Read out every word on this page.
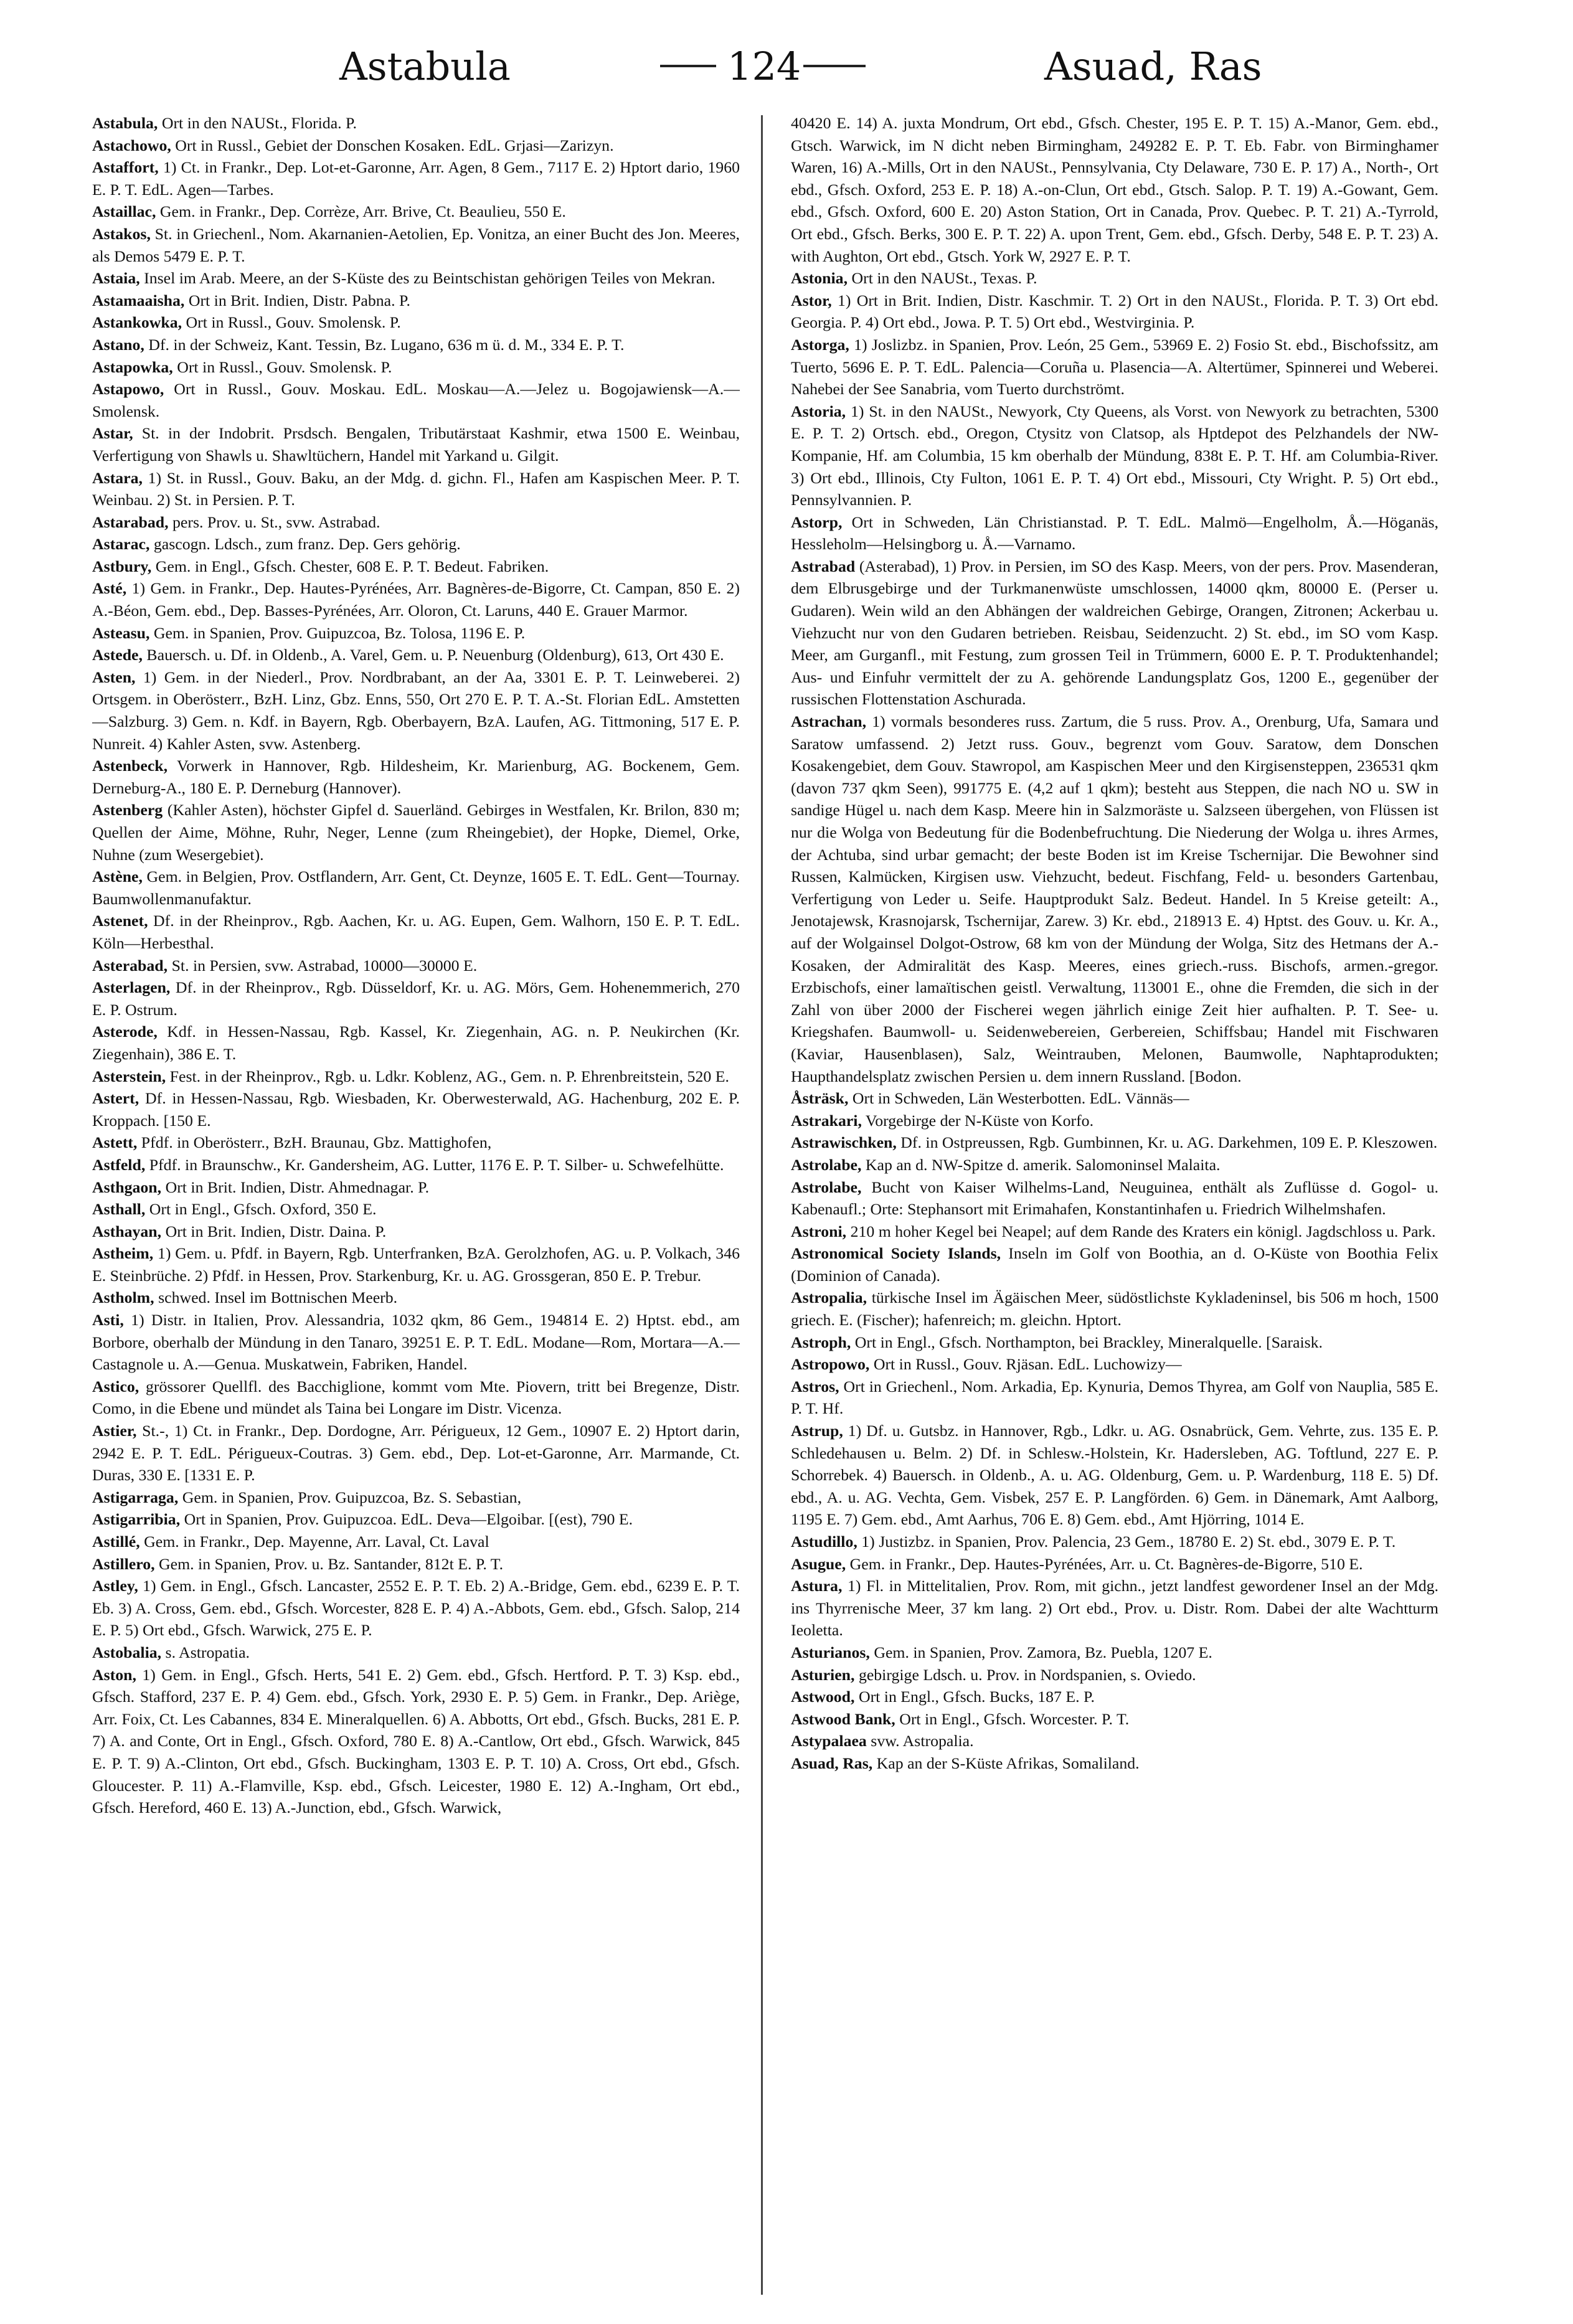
Astabula	124	Asuad, Ras

Astabula, Ort in den NAUSt., Florida. P.

Astachowo, Ort in Russl., Gebiet der Donschen Kosaken. EdL. Grjasi—Zarizyn.

Astaffort, 1) Ct. in Frankr., Dep. Lot-et-Garonne, Arr. Agen, 8 Gem., 7117 E. 2) Hptort dario, 1960 E. P. T. EdL. Agen—Tarbes.

Astaillac, Gem. in Frankr., Dep. Corrèze, Arr. Brive, Ct. Beaulieu, 550 E.

Astakos, St. in Griechenl., Nom. Akarnanien-Aetolien, Ep. Vonitza, an einer Bucht des Jon. Meeres, als Demos 5479 E. P. T.

Astaia, Insel im Arab. Meere, an der S-Küste des zu Beintschistan gehörigen Teiles von Mekran.

Astamaaisha, Ort in Brit. Indien, Distr. Pabna. P.

Astankowka, Ort in Russl., Gouv. Smolensk. P.

Astano, Df. in der Schweiz, Kant. Tessin, Bz. Lugano, 636 m ü. d. M., 334 E. P. T.

Astapowka, Ort in Russl., Gouv. Smolensk. P.

Astapowo, Ort in Russl., Gouv. Moskau. EdL. Moskau—A.—Jelez u. Bogojawiensk—A.—Smolensk.

Astar, St. in der Indobrit. Prsdsch. Bengalen, Tributärstaat Kashmir, etwa 1500 E. Weinbau, Verfertigung von Shawls u. Shawltüchern, Handel mit Yarkand u. Gilgit.

Astara, 1) St. in Russl., Gouv. Baku, an der Mdg. d. gichn. Fl., Hafen am Kaspischen Meer. P. T. Weinbau. 2) St. in Persien. P. T.

Astarabad, pers. Prov. u. St., svw. Astrabad.

Astarac, gascogn. Ldsch., zum franz. Dep. Gers gehörig.

Astbury, Gem. in Engl., Gfsch. Chester, 608 E. P. T. Bedeut. Fabriken.

Asté, 1) Gem. in Frankr., Dep. Hautes-Pyrénées, Arr. Bagnères-de-Bigorre, Ct. Campan, 850 E. 2) A.-Béon, Gem. ebd., Dep. Basses-Pyrénées, Arr. Oloron, Ct. Laruns, 440 E. Grauer Marmor.

Asteasu, Gem. in Spanien, Prov. Guipuzcoa, Bz. Tolosa, 1196 E. P.

Astede, Bauersch. u. Df. in Oldenb., A. Varel, Gem. u. P. Neuenburg (Oldenburg), 613, Ort 430 E.

Asten, 1) Gem. in der Niederl., Prov. Nordbrabant, an der Aa, 3301 E. P. T. Leinweberei. 2) Ortsgem. in Oberösterr., BzH. Linz, Gbz. Enns, 550, Ort 270 E. P. T. A.-St. Florian EdL. Amstetten—Salzburg. 3) Gem. n. Kdf. in Bayern, Rgb. Oberbayern, BzA. Laufen, AG. Tittmoning, 517 E. P. Nunreit. 4) Kahler Asten, svw. Astenberg.

Astenbeck, Vorwerk in Hannover, Rgb. Hildesheim, Kr. Marienburg, AG. Bockenem, Gem. Derneburg-A., 180 E. P. Derneburg (Hannover).

Astenberg (Kahler Asten), höchster Gipfel d. Sauerländ. Gebirges in Westfalen, Kr. Brilon, 830 m; Quellen der Aime, Möhne, Ruhr, Neger, Lenne (zum Rheingebiet), der Hopke, Diemel, Orke, Nuhne (zum Wesergebiet).

Astène, Gem. in Belgien, Prov. Ostflandern, Arr. Gent, Ct. Deynze, 1605 E. T. EdL. Gent—Tournay. Baumwollenmanufaktur.

Astenet, Df. in der Rheinprov., Rgb. Aachen, Kr. u. AG. Eupen, Gem. Walhorn, 150 E. P. T. EdL. Köln—Herbesthal.

Asterabad, St. in Persien, svw. Astrabad, 10000—30000 E.

Asterlagen, Df. in der Rheinprov., Rgb. Düsseldorf, Kr. u. AG. Mörs, Gem. Hohenemmerich, 270 E. P. Ostrum.

Asterode, Kdf. in Hessen-Nassau, Rgb. Kassel, Kr. Ziegenhain, AG. n. P. Neukirchen (Kr. Ziegenhain), 386 E. T.

Asterstein, Fest. in der Rheinprov., Rgb. u. Ldkr. Koblenz, AG., Gem. n. P. Ehrenbreitstein, 520 E.

Astert, Df. in Hessen-Nassau, Rgb. Wiesbaden, Kr. Oberwesterwald, AG. Hachenburg, 202 E. P. Kroppach. [150 E.

Astett, Pfdf. in Oberösterr., BzH. Braunau, Gbz. Mattighofen,

Astfeld, Pfdf. in Braunschw., Kr. Gandersheim, AG. Lutter, 1176 E. P. T. Silber- u. Schwefelhütte.

Asthgaon, Ort in Brit. Indien, Distr. Ahmednagar. P.

Asthall, Ort in Engl., Gfsch. Oxford, 350 E.

Asthayan, Ort in Brit. Indien, Distr. Daina. P.

Astheim, 1) Gem. u. Pfdf. in Bayern, Rgb. Unterfranken, BzA. Gerolzhofen, AG. u. P. Volkach, 346 E. Steinbrüche. 2) Pfdf. in Hessen, Prov. Starkenburg, Kr. u. AG. Grossgeran, 850 E. P. Trebur.

Astholm, schwed. Insel im Bottnischen Meerb.

Asti, 1) Distr. in Italien, Prov. Alessandria, 1032 qkm, 86 Gem., 194814 E. 2) Hptst. ebd., am Borbore, oberhalb der Mündung in den Tanaro, 39251 E. P. T. EdL. Modane—Rom, Mortara—A.—Castagnole u. A.—Genua. Muskatwein, Fabriken, Handel.

Astico, grössorer Quellfl. des Bacchiglione, kommt vom Mte. Piovern, tritt bei Bregenze, Distr. Como, in die Ebene und mündet als Taina bei Longare im Distr. Vicenza.

Astier, St.-, 1) Ct. in Frankr., Dep. Dordogne, Arr. Périgueux, 12 Gem., 10907 E. 2) Hptort darin, 2942 E. P. T. EdL. Périgueux-Coutras. 3) Gem. ebd., Dep. Lot-et-Garonne, Arr. Marmande, Ct. Duras, 330 E. [1331 E. P.

Astigarraga, Gem. in Spanien, Prov. Guipuzcoa, Bz. S. Sebastian,

Astigarribia, Ort in Spanien, Prov. Guipuzcoa. EdL. Deva—Elgoibar. [(est), 790 E.

Astillé, Gem. in Frankr., Dep. Mayenne, Arr. Laval, Ct. Laval

Astillero, Gem. in Spanien, Prov. u. Bz. Santander, 812t E. P. T.

Astley, 1) Gem. in Engl., Gfsch. Lancaster, 2552 E. P. T. Eb. 2) A.-Bridge, Gem. ebd., 6239 E. P. T. Eb. 3) A. Cross, Gem. ebd., Gfsch. Worcester, 828 E. P. 4) A.-Abbots, Gem. ebd., Gfsch. Salop, 214 E. P. 5) Ort ebd., Gfsch. Warwick, 275 E. P.

Astobalia, s. Astropatia.

Aston, 1) Gem. in Engl., Gfsch. Herts, 541 E. 2) Gem. ebd., Gfsch. Hertford. P. T. 3) Ksp. ebd., Gfsch. Stafford, 237 E. P. 4) Gem. ebd., Gfsch. York, 2930 E. P. 5) Gem. in Frankr., Dep. Ariège, Arr. Foix, Ct. Les Cabannes, 834 E. Mineralquellen. 6) A. Abbotts, Ort ebd., Gfsch. Bucks, 281 E. P. 7) A. and Conte, Ort in Engl., Gfsch. Oxford, 780 E. 8) A.-Cantlow, Ort ebd., Gfsch. Warwick, 845 E. P. T. 9) A.-Clinton, Ort ebd., Gfsch. Buckingham, 1303 E. P. T. 10) A. Cross, Ort ebd., Gfsch. Gloucester. P. 11) A.-Flamville, Ksp. ebd., Gfsch. Leicester, 1980 E. 12) A.-Ingham, Ort ebd., Gfsch. Hereford, 460 E. 13) A.-Junction, ebd., Gfsch. Warwick,

40420 E. 14) A. juxta Mondrum, Ort ebd., Gfsch. Chester, 195 E. P. T. 15) A.-Manor, Gem. ebd., Gtsch. Warwick, im N dicht neben Birmingham, 249282 E. P. T. Eb. Fabr. von Birminghamer Waren, 16) A.-Mills, Ort in den NAUSt., Pennsylvania, Cty Delaware, 730 E. P. 17) A., North-, Ort ebd., Gfsch. Oxford, 253 E. P. 18) A.-on-Clun, Ort ebd., Gtsch. Salop. P. T. 19) A.-Gowant, Gem. ebd., Gfsch. Oxford, 600 E. 20) Aston Station, Ort in Canada, Prov. Quebec. P. T. 21) A.-Tyrrold, Ort ebd., Gfsch. Berks, 300 E. P. T. 22) A. upon Trent, Gem. ebd., Gfsch. Derby, 548 E. P. T. 23) A. with Aughton, Ort ebd., Gtsch. York W, 2927 E. P. T.

Astonia, Ort in den NAUSt., Texas. P.

Astor, 1) Ort in Brit. Indien, Distr. Kaschmir. T. 2) Ort in den NAUSt., Florida. P. T. 3) Ort ebd. Georgia. P. 4) Ort ebd., Jowa. P. T. 5) Ort ebd., Westvirginia. P.

Astorga, 1) Joslizbz. in Spanien, Prov. León, 25 Gem., 53969 E. 2) Fosio St. ebd., Bischofssitz, am Tuerto, 5696 E. P. T. EdL. Palencia—Coruña u. Plasencia—A. Altertümer, Spinnerei und Weberei. Nahebei der See Sanabria, vom Tuerto durchströmt.

Astoria, 1) St. in den NAUSt., Newyork, Cty Queens, als Vorst. von Newyork zu betrachten, 5300 E. P. T. 2) Ortsch. ebd., Oregon, Ctysitz von Clatsop, als Hptdepot des Pelzhandels der NW-Kompanie, Hf. am Columbia, 15 km oberhalb der Mündung, 838t E. P. T. Hf. am Columbia-River. 3) Ort ebd., Illinois, Cty Fulton, 1061 E. P. T. 4) Ort ebd., Missouri, Cty Wright. P. 5) Ort ebd., Pennsylvannien. P.

Astorp, Ort in Schweden, Län Christianstad. P. T. EdL. Malmö—Engelholm, Å.—Höganäs, Hessleholm—Helsingborg u. Å.—Varnamo.

Astrabad (Asterabad), 1) Prov. in Persien, im SO des Kasp. Meers, von der pers. Prov. Masenderan, dem Elbrusgebirge und der Turkmanenwüste umschlossen, 14000 qkm, 80000 E. (Perser u. Gudaren). Wein wild an den Abhängen der waldreichen Gebirge, Orangen, Zitronen; Ackerbau u. Viehzucht nur von den Gudaren betrieben. Reisbau, Seidenzucht. 2) St. ebd., im SO vom Kasp. Meer, am Gurganfl., mit Festung, zum grossen Teil in Trümmern, 6000 E. P. T. Produktenhandel; Aus- und Einfuhr vermittelt der zu A. gehörende Landungsplatz Gos, 1200 E., gegenüber der russischen Flottenstation Aschurada.

Astrachan, 1) vormals besonderes russ. Zartum, die 5 russ. Prov. A., Orenburg, Ufa, Samara und Saratow umfassend. 2) Jetzt russ. Gouv., begrenzt vom Gouv. Saratow, dem Donschen Kosakengebiet, dem Gouv. Stawropol, am Kaspischen Meer und den Kirgisensteppen, 236531 qkm (davon 737 qkm Seen), 991775 E. (4,2 auf 1 qkm); besteht aus Steppen, die nach NO u. SW in sandige Hügel u. nach dem Kasp. Meere hin in Salzmoräste u. Salzseen übergehen, von Flüssen ist nur die Wolga von Bedeutung für die Bodenbefruchtung. Die Niederung der Wolga u. ihres Armes, der Achtuba, sind urbar gemacht; der beste Boden ist im Kreise Tschernijar. Die Bewohner sind Russen, Kalmücken, Kirgisen usw. Viehzucht, bedeut. Fischfang, Feld- u. besonders Gartenbau, Verfertigung von Leder u. Seife. Hauptprodukt Salz. Bedeut. Handel. In 5 Kreise geteilt: A., Jenotajewsk, Krasnojarsk, Tschernijar, Zarew. 3) Kr. ebd., 218913 E. 4) Hptst. des Gouv. u. Kr. A., auf der Wolgainsel Dolgot-Ostrow, 68 km von der Mündung der Wolga, Sitz des Hetmans der A.-Kosaken, der Admiralität des Kasp. Meeres, eines griech.-russ. Bischofs, armen.-gregor. Erzbischofs, einer lamaïtischen geistl. Verwaltung, 113001 E., ohne die Fremden, die sich in der Zahl von über 2000 der Fischerei wegen jährlich einige Zeit hier aufhalten. P. T. See- u. Kriegshafen. Baumwoll- u. Seidenwebereien, Gerbereien, Schiffsbau; Handel mit Fischwaren (Kaviar, Hausenblasen), Salz, Weintrauben, Melonen, Baumwolle, Naphtaprodukten; Haupthandelsplatz zwischen Persien u. dem innern Russland. [Bodon.

Åsträsk, Ort in Schweden, Län Westerbotten. EdL. Vännäs—

Astrakari, Vorgebirge der N-Küste von Korfo.

Astrawischken, Df. in Ostpreussen, Rgb. Gumbinnen, Kr. u. AG. Darkehmen, 109 E. P. Kleszowen.

Astrolabe, Kap an d. NW-Spitze d. amerik. Salomoninsel Malaita.

Astrolabe, Bucht von Kaiser Wilhelms-Land, Neuguinea, enthält als Zuflüsse d. Gogol- u. Kabenaufl.; Orte: Stephansort mit Erimahafen, Konstantinhafen u. Friedrich Wilhelmshafen.

Astroni, 210 m hoher Kegel bei Neapel; auf dem Rande des Kraters ein königl. Jagdschloss u. Park.

Astronomical Society Islands, Inseln im Golf von Boothia, an d. O-Küste von Boothia Felix (Dominion of Canada).

Astropalia, türkische Insel im Ägäischen Meer, südöstlichste Kykladeninsel, bis 506 m hoch, 1500 griech. E. (Fischer); hafenreich; m. gleichn. Hptort.

Astroph, Ort in Engl., Gfsch. Northampton, bei Brackley, Mineralquelle. [Saraisk.

Astropowo, Ort in Russl., Gouv. Rjäsan. EdL. Luchowizy—

Astros, Ort in Griechenl., Nom. Arkadia, Ep. Kynuria, Demos Thyrea, am Golf von Nauplia, 585 E. P. T. Hf.

Astrup, 1) Df. u. Gutsbz. in Hannover, Rgb., Ldkr. u. AG. Osnabrück, Gem. Vehrte, zus. 135 E. P. Schledehausen u. Belm. 2) Df. in Schlesw.-Holstein, Kr. Hadersleben, AG. Toftlund, 227 E. P. Schorrebek. 4) Bauersch. in Oldenb., A. u. AG. Oldenburg, Gem. u. P. Wardenburg, 118 E. 5) Df. ebd., A. u. AG. Vechta, Gem. Visbek, 257 E. P. Langförden. 6) Gem. in Dänemark, Amt Aalborg, 1195 E. 7) Gem. ebd., Amt Aarhus, 706 E. 8) Gem. ebd., Amt Hjörring, 1014 E.

Astudillo, 1) Justizbz. in Spanien, Prov. Palencia, 23 Gem., 18780 E. 2) St. ebd., 3079 E. P. T.

Asugue, Gem. in Frankr., Dep. Hautes-Pyrénées, Arr. u. Ct. Bagnères-de-Bigorre, 510 E.

Astura, 1) Fl. in Mittelitalien, Prov. Rom, mit gichn., jetzt landfest gewordener Insel an der Mdg. ins Thyrrenische Meer, 37 km lang. 2) Ort ebd., Prov. u. Distr. Rom. Dabei der alte Wachtturm Ieoletta.

Asturianos, Gem. in Spanien, Prov. Zamora, Bz. Puebla, 1207 E.

Asturien, gebirgige Ldsch. u. Prov. in Nordspanien, s. Oviedo.

Astwood, Ort in Engl., Gfsch. Bucks, 187 E. P.

Astwood Bank, Ort in Engl., Gfsch. Worcester. P. T.

Astypalaea svw. Astropalia.

Asuad, Ras, Kap an der S-Küste Afrikas, Somaliland.
